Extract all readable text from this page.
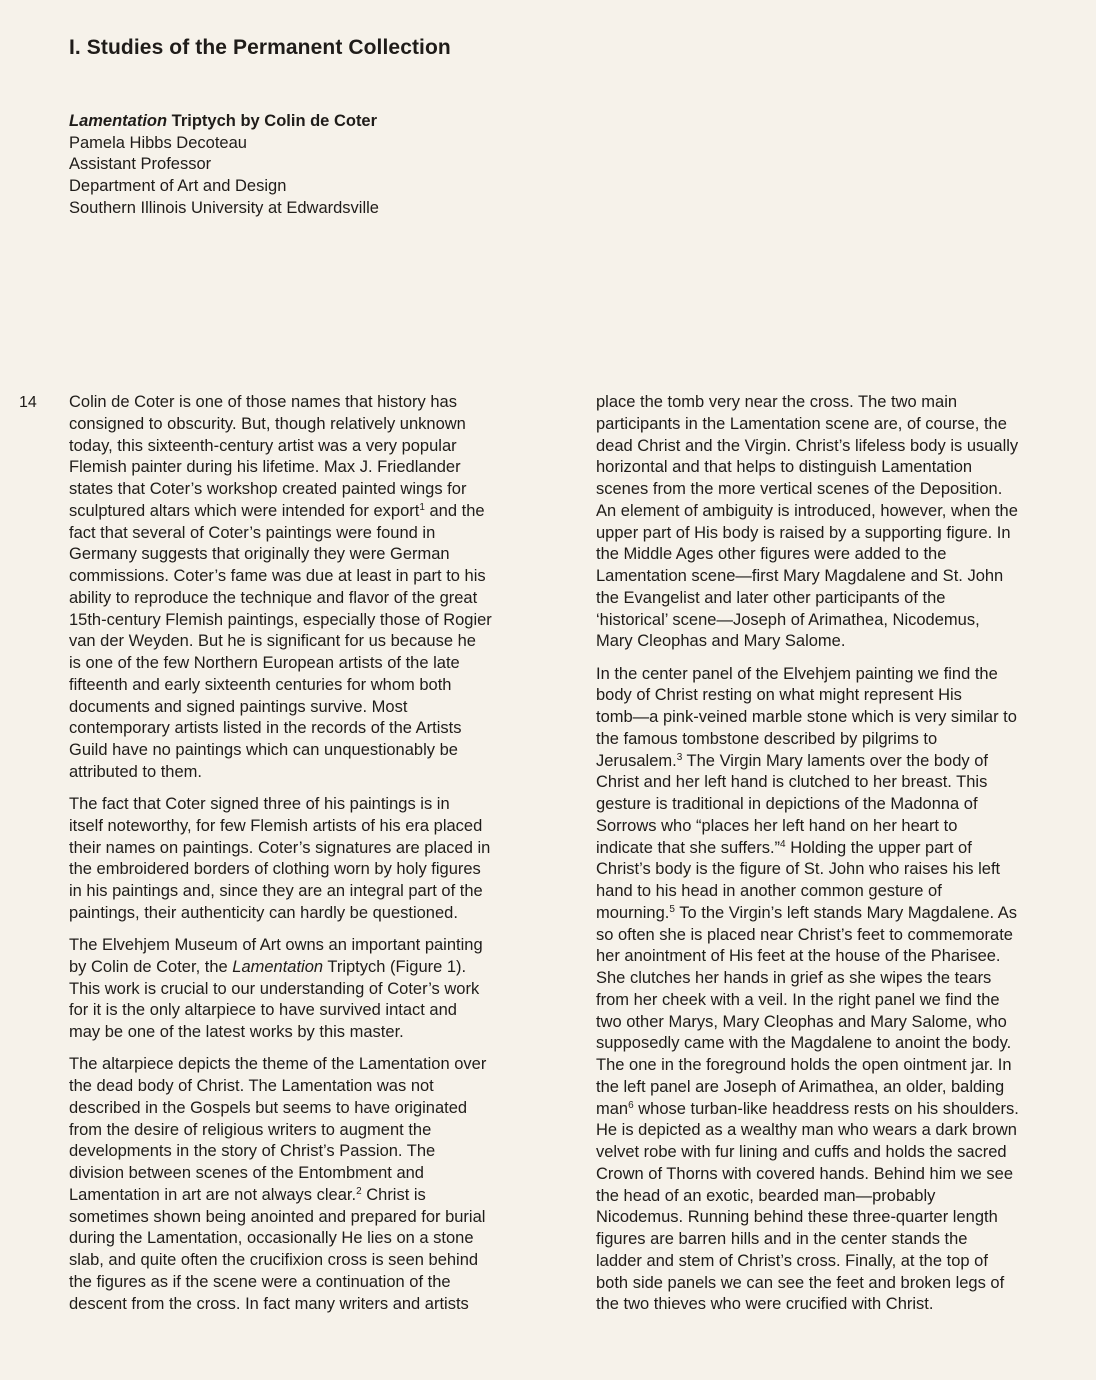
I. Studies of the Permanent Collection
Lamentation Triptych by Colin de Coter
Pamela Hibbs Decoteau
Assistant Professor
Department of Art and Design
Southern Illinois University at Edwardsville
14 Colin de Coter is one of those names that history has
consigned to obscurity. But, though relatively unknown
today, this sixteenth-century artist was a very popular
Flemish painter during his lifetime. Max J. Friedlander
states that Coter’s workshop created painted wings for
sculptured altars which were intended for export$^1$ and the
fact that several of Coter’s paintings were found in
Germany suggests that originally they were German
commissions. Coter’s fame was due at least in part to his
ability to reproduce the technique and flavor of the great
15th-century Flemish paintings, especially those of Rogier
van der Weyden. But he is significant for us because he
is one of the few Northern European artists of the late
fifteenth and early sixteenth centuries for whom both
documents and signed paintings survive. Most
contemporary artists listed in the records of the Artists
Guild have no paintings which can unquestionably be
attributed to them.

The fact that Coter signed three of his paintings is in
itself noteworthy, for few Flemish artists of his era placed
their names on paintings. Coter’s signatures are placed in
the embroidered borders of clothing worn by holy figures
in his paintings and, since they are an integral part of the
paintings, their authenticity can hardly be questioned.

The Elvehjem Museum of Art owns an important painting
by Colin de Coter, the Lamentation Triptych (Figure 1).
This work is crucial to our understanding of Coter’s work
for it is the only altarpiece to have survived intact and
may be one of the latest works by this master.

The altarpiece depicts the theme of the Lamentation over
the dead body of Christ. The Lamentation was not
described in the Gospels but seems to have originated
from the desire of religious writers to augment the
developments in the story of Christ’s Passion. The
division between scenes of the Entombment and
Lamentation in art are not always clear.$^2$ Christ is
sometimes shown being anointed and prepared for burial
during the Lamentation, occasionally He lies on a stone
slab, and quite often the crucifixion cross is seen behind
the figures as if the scene were a continuation of the
descent from the cross. In fact many writers and artists

place the tomb very near the cross. The two main
participants in the Lamentation scene are, of course, the
dead Christ and the Virgin. Christ’s lifeless body is usually
horizontal and that helps to distinguish Lamentation
scenes from the more vertical scenes of the Deposition.
An element of ambiguity is introduced, however, when the
upper part of His body is raised by a supporting figure. In
the Middle Ages other figures were added to the
Lamentation scene—first Mary Magdalene and St. John
the Evangelist and later other participants of the
‘historical’ scene—Joseph of Arimathea, Nicodemus,
Mary Cleophas and Mary Salome.

In the center panel of the Elvehjem painting we find the
body of Christ resting on what might represent His
tomb—a pink-veined marble stone which is very similar to
the famous tombstone described by pilgrims to
Jerusalem.$^3$ The Virgin Mary laments over the body of
Christ and her left hand is clutched to her breast. This
gesture is traditional in depictions of the Madonna of
Sorrows who “places her left hand on her heart to
indicate that she suffers.”$^4$ Holding the upper part of
Christ’s body is the figure of St. John who raises his left
hand to his head in another common gesture of
mourning.$^5$ To the Virgin’s left stands Mary Magdalene. As
so often she is placed near Christ’s feet to commemorate
her anointment of His feet at the house of the Pharisee.
She clutches her hands in grief as she wipes the tears
from her cheek with a veil. In the right panel we find the
two other Marys, Mary Cleophas and Mary Salome, who
supposedly came with the Magdalene to anoint the body.
The one in the foreground holds the open ointment jar. In
the left panel are Joseph of Arimathea, an older, balding
man$^6$ whose turban-like headdress rests on his shoulders.
He is depicted as a wealthy man who wears a dark brown
velvet robe with fur lining and cuffs and holds the sacred
Crown of Thorns with covered hands. Behind him we see
the head of an exotic, bearded man—probably
Nicodemus. Running behind these three-quarter length
figures are barren hills and in the center stands the
ladder and stem of Christ’s cross. Finally, at the top of
both side panels we can see the feet and broken legs of
the two thieves who were crucified with Christ.
